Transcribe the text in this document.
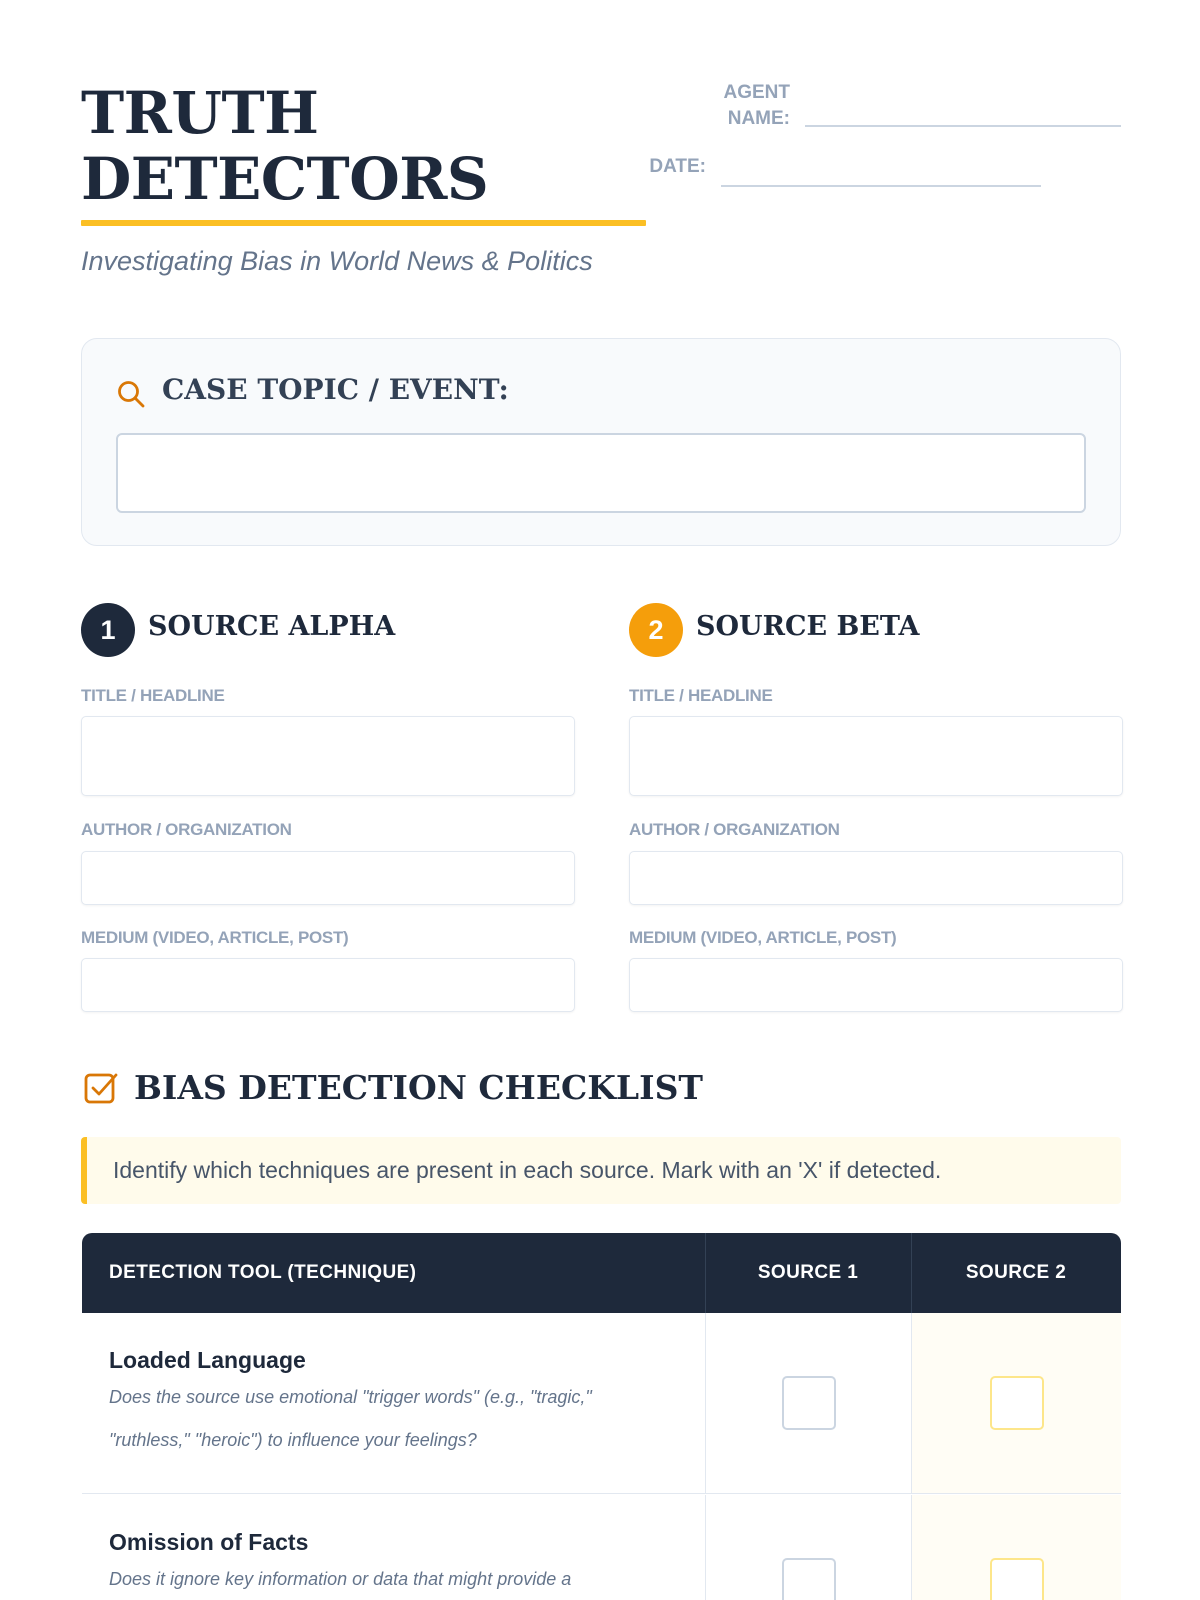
TRUTH
DETECTORS
Investigating Bias in World News & Politics
AGENT
NAME:
DATE:
CASE TOPIC / EVENT:
1	SOURCE ALPHA
TITLE / HEADLINE
AUTHOR / ORGANIZATION
MEDIUM (VIDEO, ARTICLE, POST)
2	SOURCE BETA
TITLE / HEADLINE
AUTHOR / ORGANIZATION
MEDIUM (VIDEO, ARTICLE, POST)
BIAS DETECTION CHECKLIST
Identify which techniques are present in each source. Mark with an 'X' if detected.
DETECTION TOOL (TECHNIQUE)	SOURCE 1	SOURCE 2
Loaded Language
Does the source use emotional "trigger words" (e.g., "tragic,"
"ruthless," "heroic") to influence your feelings?
Omission of Facts
Does it ignore key information or data that might provide a
